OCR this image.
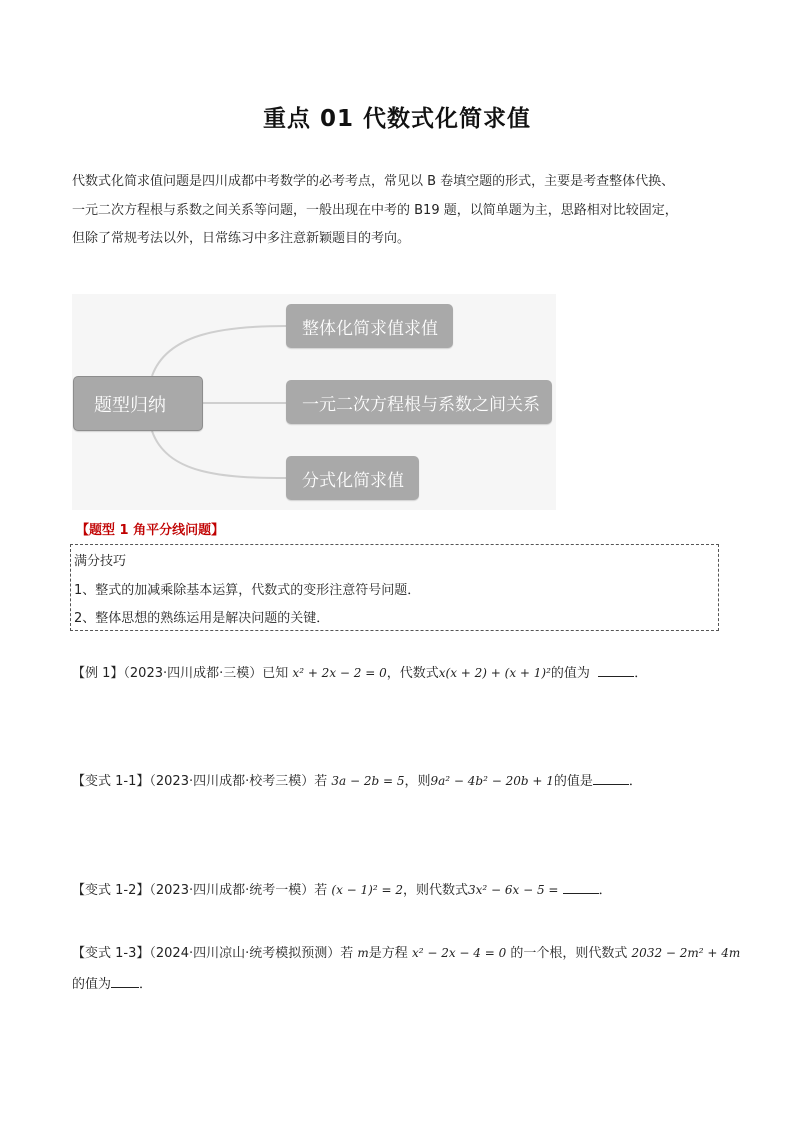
重点 01 代数式化简求值

代数式化简求值问题是四川成都中考数学的必考考点，常见以 B 卷填空题的形式，主要是考查整体代换、

一元二次方程根与系数之间关系等问题，一般出现在中考的 B19 题，以简单题为主，思路相对比较固定，

但除了常规考法以外，日常练习中多注意新颖题目的考向。

题型归纳
整体化简求值求值
一元二次方程根与系数之间关系
分式化简求值
【题型 1 角平分线问题】
满分技巧
1、整式的加减乘除基本运算，代数式的变形注意符号问题．
2、整体思想的熟练运用是解决问题的关键．
【例 1】（2023·四川成都·三模）已知 x² + 2x − 2 = 0，代数式x(x + 2) + (x + 1)²的值为	．
【变式 1-1】（2023·四川成都·校考三模）若 3a − 2b = 5，则9a² − 4b² − 20b + 1的值是	．
【变式 1-2】（2023·四川成都·统考一模）若 (x − 1)² = 2，则代数式3x² − 6x − 5 =	．
【变式 1-3】（2024·四川凉山·统考模拟预测）若 m是方程 x² − 2x − 4 = 0 的一个根，则代数式 2032 − 2m² + 4m
的值为 ．
